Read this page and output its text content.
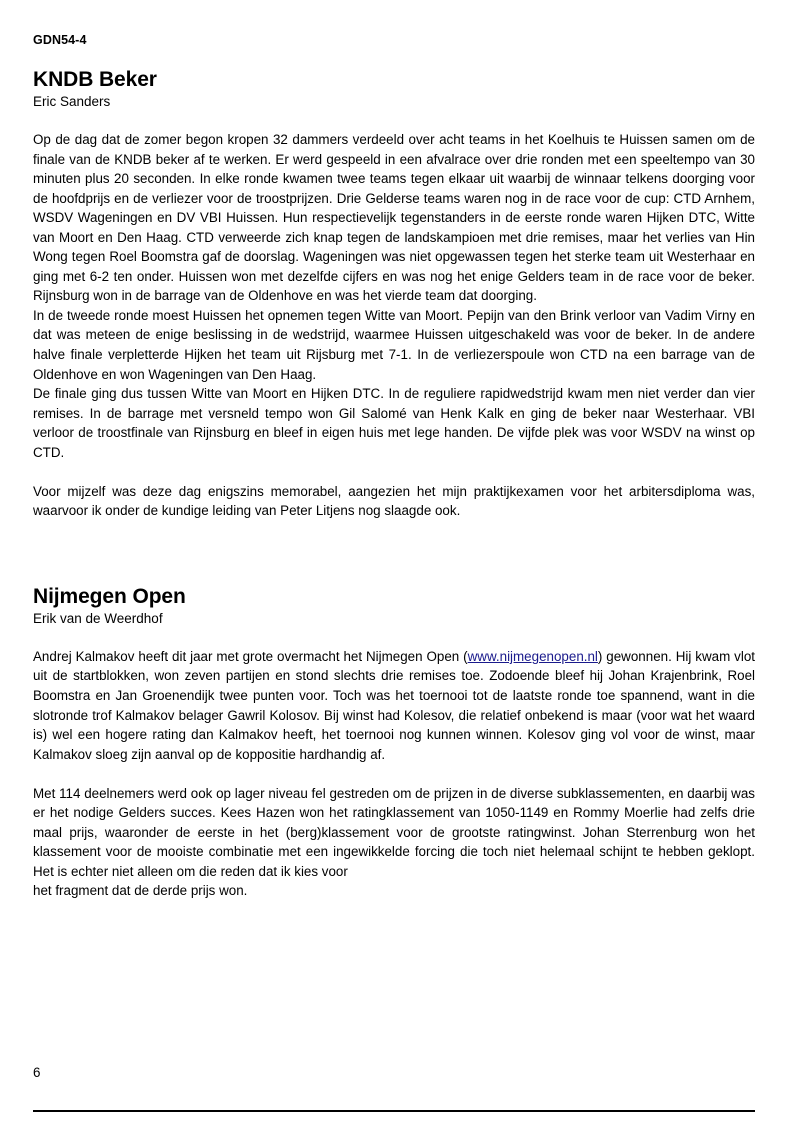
GDN54-4
KNDB Beker
Eric Sanders

Op de dag dat de zomer begon kropen 32 dammers verdeeld over acht teams in het Koelhuis te Huissen samen om de finale van de KNDB beker af te werken. Er werd gespeeld in een afvalrace over drie ronden met een speeltempo van 30 minuten plus 20 seconden. In elke ronde kwamen twee teams tegen elkaar uit waarbij de winnaar telkens doorging voor de hoofdprijs en de verliezer voor de troostprijzen. Drie Gelderse teams waren nog in de race voor de cup: CTD Arnhem, WSDV Wageningen en DV VBI Huissen. Hun respectievelijk tegenstanders in de eerste ronde waren Hijken DTC, Witte van Moort en Den Haag. CTD verweerde zich knap tegen de landskampioen met drie remises, maar het verlies van Hin Wong tegen Roel Boomstra gaf de doorslag. Wageningen was niet opgewassen tegen het sterke team uit Westerhaar en ging met 6-2 ten onder. Huissen won met dezelfde cijfers en was nog het enige Gelders team in de race voor de beker. Rijnsburg won in de barrage van de Oldenhove en was het vierde team dat doorging.

In de tweede ronde moest Huissen het opnemen tegen Witte van Moort. Pepijn van den Brink verloor van Vadim Virny en dat was meteen de enige beslissing in de wedstrijd, waarmee Huissen uitgeschakeld was voor de beker. In de andere halve finale verpletterde Hijken het team uit Rijsburg met 7-1. In de verliezerspoule won CTD na een barrage van de Oldenhove en won Wageningen van Den Haag.

De finale ging dus tussen Witte van Moort en Hijken DTC. In de reguliere rapidwedstrijd kwam men niet verder dan vier remises. In de barrage met versneld tempo won Gil Salomé van Henk Kalk en ging de beker naar Westerhaar. VBI verloor de troostfinale van Rijnsburg en bleef in eigen huis met lege handen. De vijfde plek was voor WSDV na winst op CTD.

Voor mijzelf was deze dag enigszins memorabel, aangezien het mijn praktijkexamen voor het arbitersdiploma was, waarvoor ik onder de kundige leiding van Peter Litjens nog slaagde ook.

Nijmegen Open
Erik van de Weerdhof

Andrej Kalmakov heeft dit jaar met grote overmacht het Nijmegen Open (www.nijmegenopen.nl) gewonnen. Hij kwam vlot uit de startblokken, won zeven partijen en stond slechts drie remises toe. Zodoende bleef hij Johan Krajenbrink, Roel Boomstra en Jan Groenendijk twee punten voor. Toch was het toernooi tot de laatste ronde toe spannend, want in die slotronde trof Kalmakov belager Gawril Kolosov. Bij winst had Kolesov, die relatief onbekend is maar (voor wat het waard is) wel een hogere rating dan Kalmakov heeft, het toernooi nog kunnen winnen. Kolesov ging vol voor de winst, maar Kalmakov sloeg zijn aanval op de koppositie hardhandig af.

Met 114 deelnemers werd ook op lager niveau fel gestreden om de prijzen in de diverse subklassementen, en daarbij was er het nodige Gelders succes. Kees Hazen won het ratingklassement van 1050-1149 en Rommy Moerlie had zelfs drie maal prijs, waaronder de eerste in het (berg)klassement voor de grootste ratingwinst. Johan Sterrenburg won het klassement voor de mooiste combinatie met een ingewikkelde forcing die toch niet helemaal schijnt te hebben geklopt. Het is echter niet alleen om die reden dat ik kies voor

het fragment dat de derde prijs won.

6
